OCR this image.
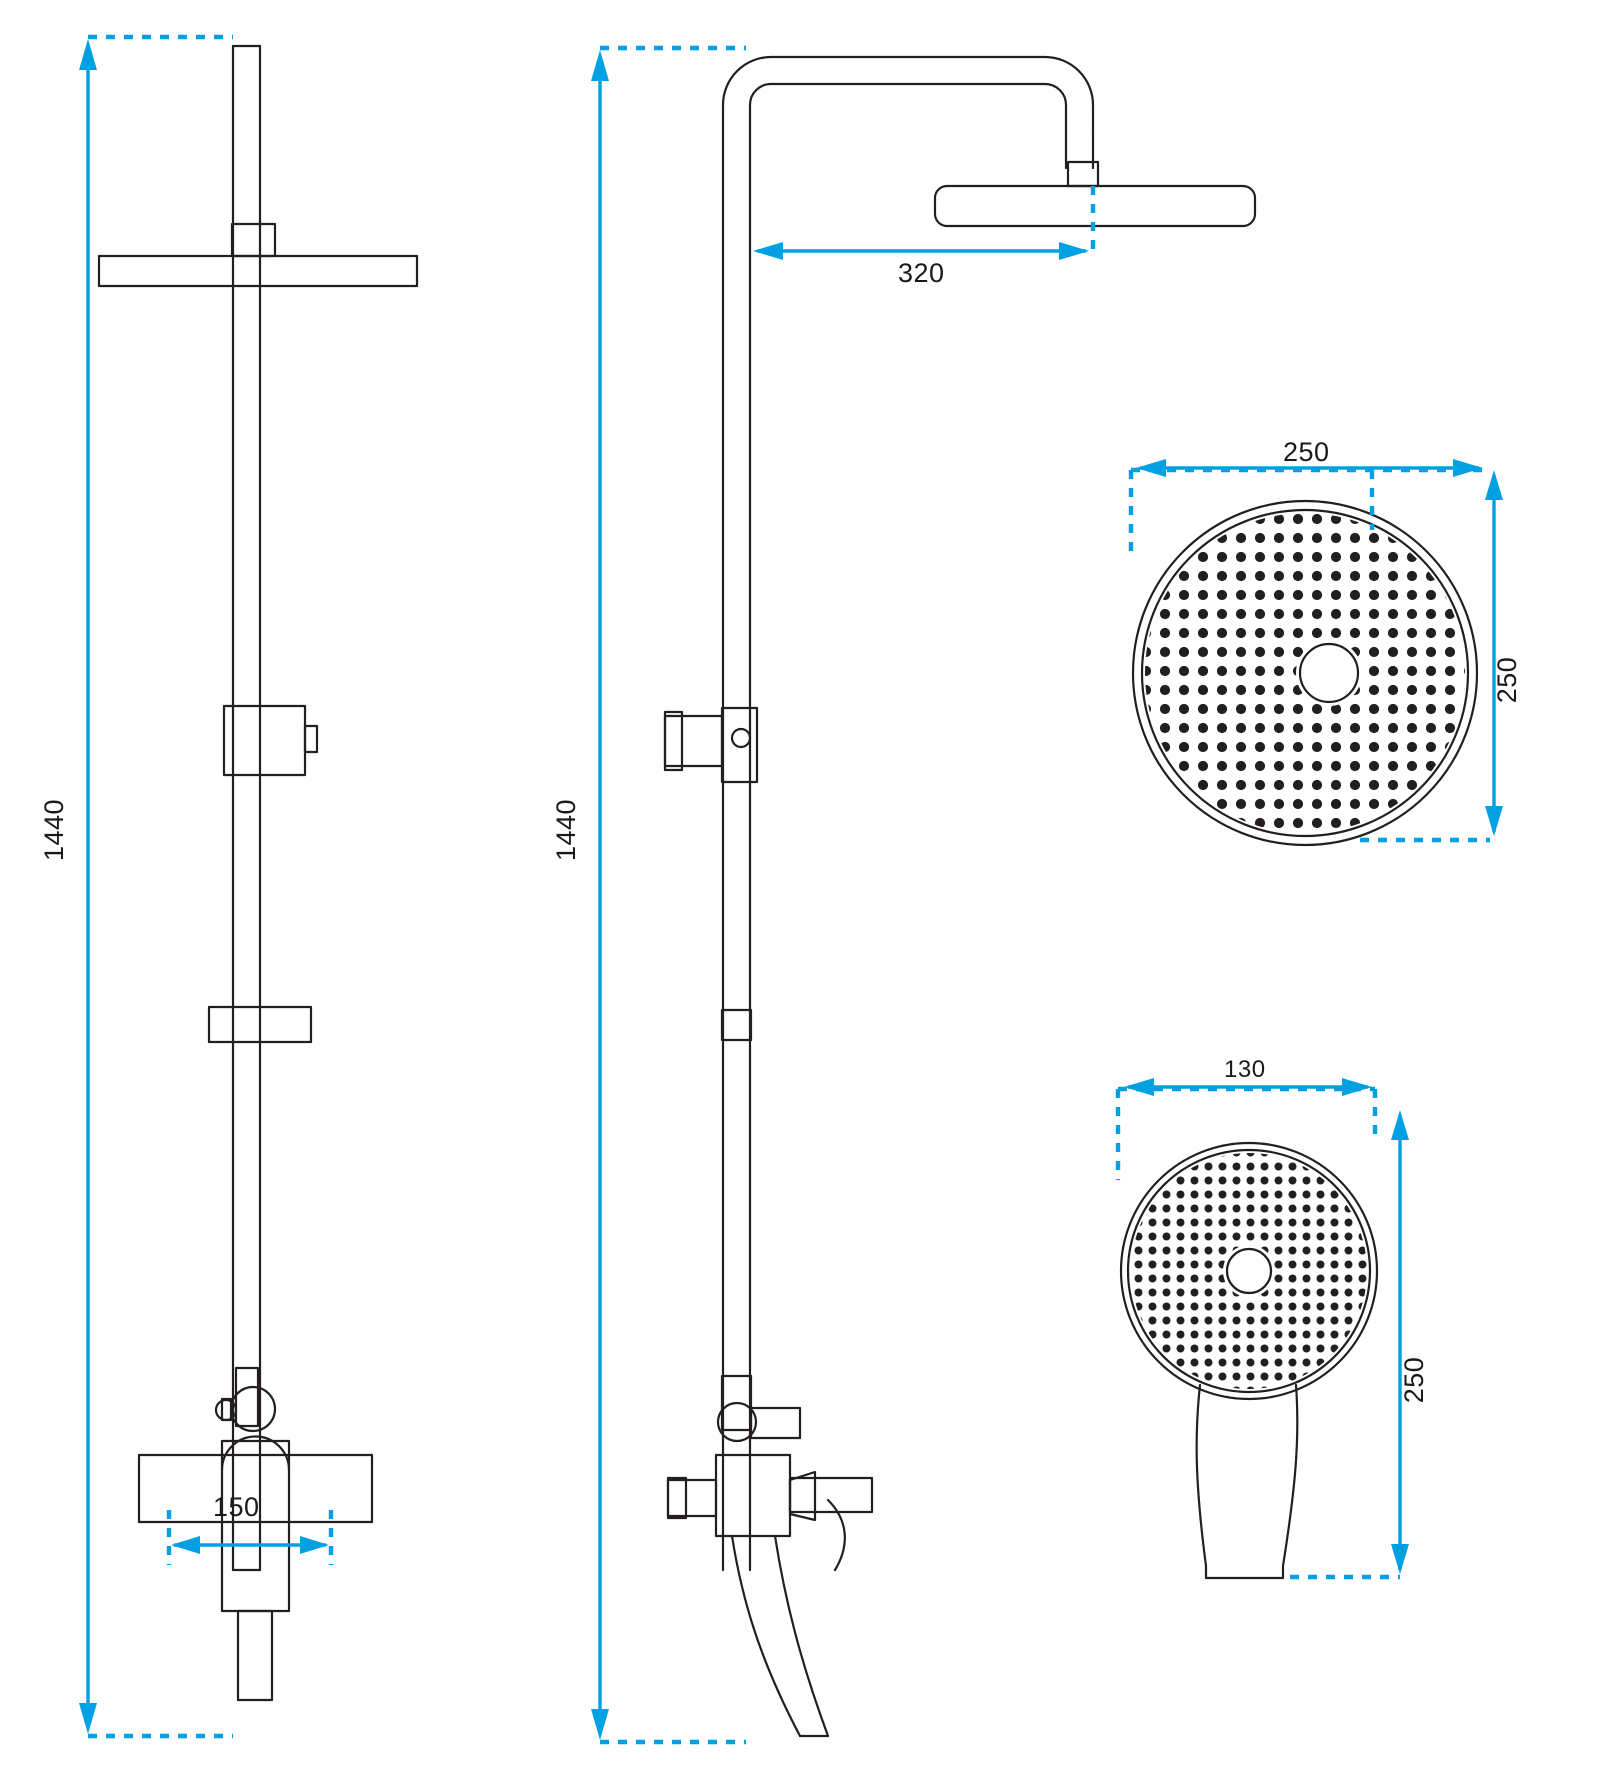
1440
150
1440
320
250
250
130
250
